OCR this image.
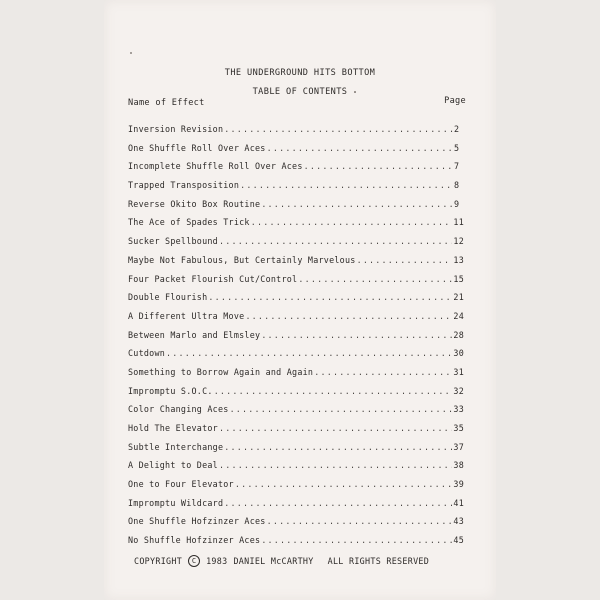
THE UNDERGROUND HITS BOTTOM
TABLE OF CONTENTS
Name of Effect	Page
Inversion Revision .....	2
One Shuffle Roll Over Aces .....	5
Incomplete Shuffle Roll Over Aces .....	7
Trapped Transposition .....	8
Reverse Okito Box Routine .....	9
The Ace of Spades Trick .....	11
Sucker Spellbound .....	12
Maybe Not Fabulous, But Certainly Marvelous .....	13
Four Packet Flourish Cut/Control .....	15
Double Flourish .....	21
A Different Ultra Move .....	24
Between Marlo and Elmsley .....	28
Cutdown .....	30
Something to Borrow Again and Again .....	31
Impromptu S.O.C. .....	32
Color Changing Aces .....	33
Hold The Elevator .....	35
Subtle Interchange .....	37
A Delight to Deal .....	38
One to Four Elevator .....	39
Impromptu Wildcard .....	41
One Shuffle Hofzinzer Aces .....	43
No Shuffle Hofzinzer Aces .....	45
COPYRIGHT	C	1983 DANIEL McCARTHY ALL RIGHTS RESERVED
